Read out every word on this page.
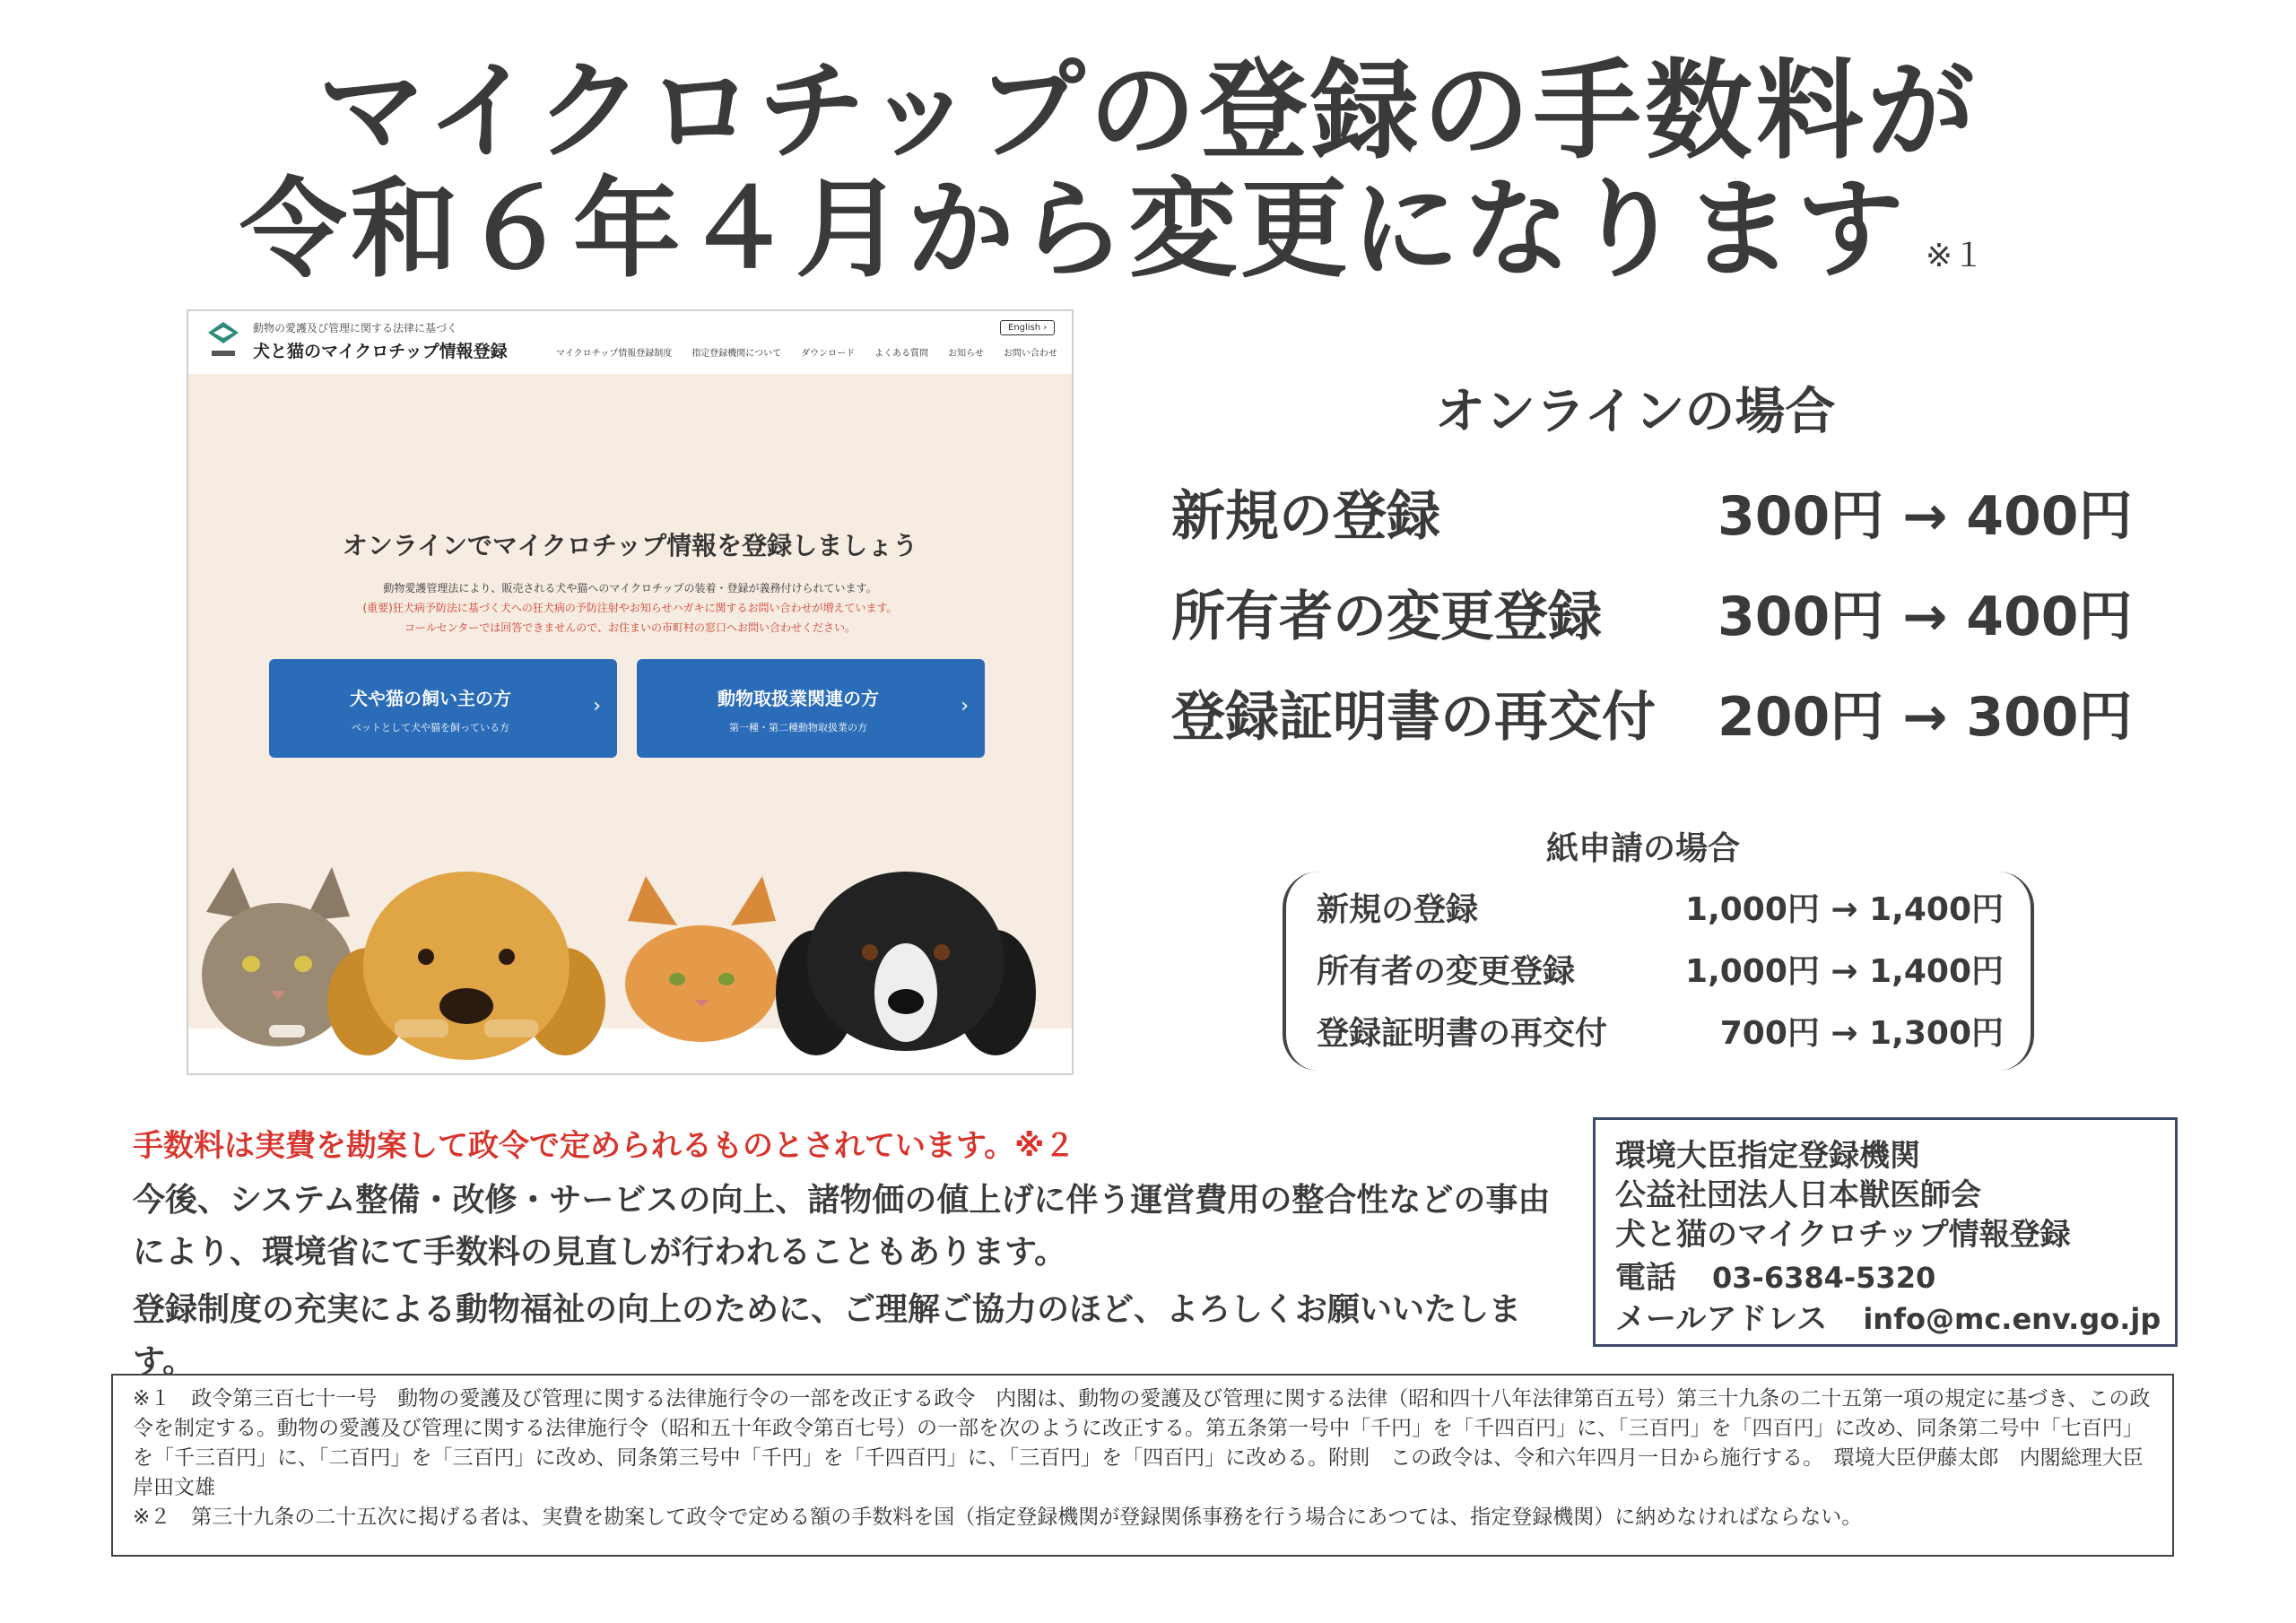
マイクロチップの登録の手数料が
令和６年４月から変更になります ※１
動物の愛護及び管理に関する法律に基づく
犬と猫のマイクロチップ情報登録	マイクロチップ情報登録制度 指定登録機関について ダウンロード よくある質問 お知らせ お問い合わせ
English ›
オンラインでマイクロチップ情報を登録しましょう
動物愛護管理法により、販売される犬や猫へのマイクロチップの装着・登録が義務付けられています。
(重要)狂犬病予防法に基づく犬への狂犬病の予防注射やお知らせハガキに関するお問い合わせが増えています。
コールセンターでは回答できませんので、お住まいの市町村の窓口へお問い合わせください。
犬や猫の飼い主の方
ペットとして犬や猫を飼っている方
›	動物取扱業関連の方
第一種・第二種動物取扱業の方
›
オンラインの場合
新規の登録	300円 → 400円
所有者の変更登録 300円 → 400円
登録証明書の再交付 200円 → 300円
紙申請の場合
新規の登録	1,000円 → 1,400円
所有者の変更登録	1,000円 → 1,400円
登録証明書の再交付	700円 → 1,300円
手数料は実費を勘案して政令で定められるものとされています。※２
今後、システム整備・改修・サービスの向上、諸物価の値上げに伴う運営費用の整合性などの事由により、環境省にて手数料の見直しが行われることもあります。
登録制度の充実による動物福祉の向上のために、ご理解ご協力のほど、よろしくお願いいたします。
環境大臣指定登録機関
公益社団法人日本獣医師会
犬と猫のマイクロチップ情報登録
電話 03-6384-5320
メールアドレス info@mc.env.go.jp
※１　政令第三百七十一号　動物の愛護及び管理に関する法律施行令の一部を改正する政令　内閣は、動物の愛護及び管理に関する法律（昭和四十八年法律第百五号）第三十九条の二十五第一項の規定に基づき、この政令を制定する。動物の愛護及び管理に関する法律施行令（昭和五十年政令第百七号）の一部を次のように改正する。第五条第一号中「千円」を「千四百円」に、「三百円」を「四百円」に改め、同条第二号中「七百円」を「千三百円」に、「二百円」を「三百円」に改め、同条第三号中「千円」を「千四百円」に、「三百円」を「四百円」に改める。附則　この政令は、令和六年四月一日から施行する。　環境大臣伊藤太郎　内閣総理大臣岸田文雄
※２　第三十九条の二十五次に掲げる者は、実費を勘案して政令で定める額の手数料を国（指定登録機関が登録関係事務を行う場合にあつては、指定登録機関）に納めなければならない。
